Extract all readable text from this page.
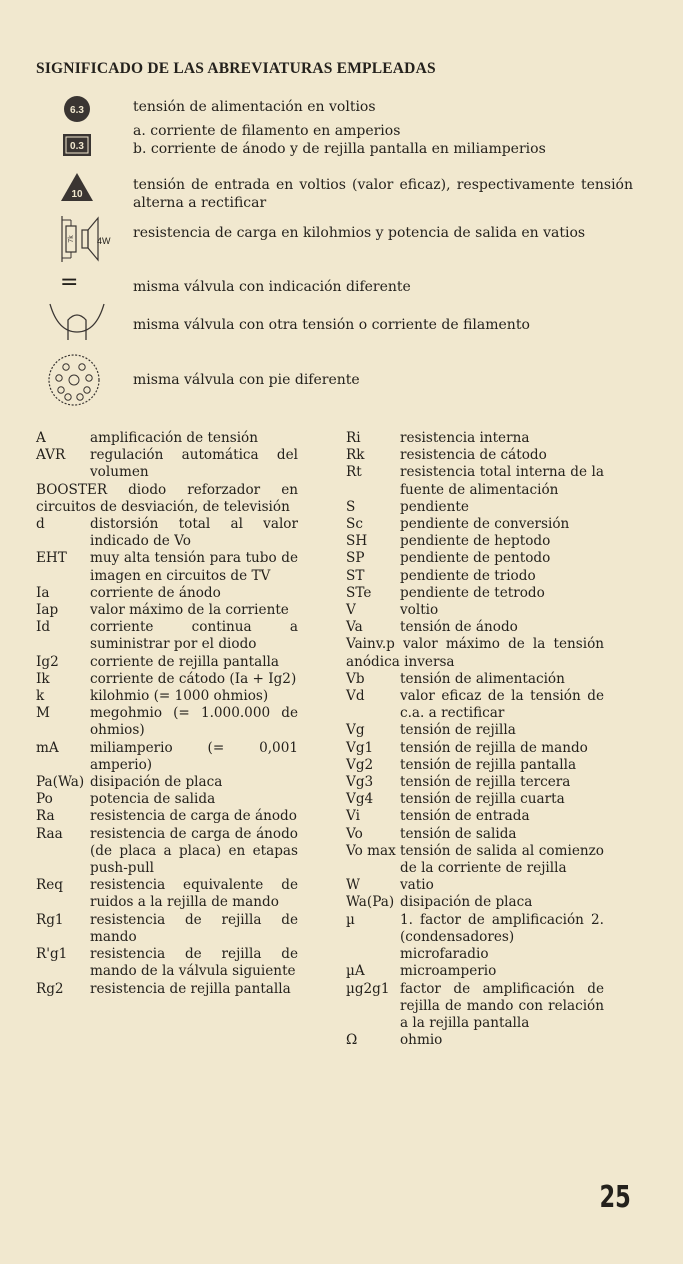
SIGNIFICADO DE LAS ABREVIATURAS EMPLEADAS
6.3	tensión de alimentación en voltios
0.3
a. corriente de filamento en amperios
b. corriente de ánodo y de rejilla pantalla en miliamperios
10
tensión de entrada en voltios (valor eficaz), respectivamente tensión alterna a rectificar
7k 4W resistencia de carga en kilohmios y potencia de salida en vatios
=	misma válvula con indicación diferente
misma válvula con otra tensión o corriente de filamento
misma válvula con pie diferente
A	amplificación de tensión
AVR	regulación automática del volumen
BOOSTER diodo reforzador en circuitos de desviación, de televisión
d	distorsión total al valor indicado de Vo
EHT	muy alta tensión para tubo de imagen en circuitos de TV
Ia	corriente de ánodo
Iap	valor máximo de la corriente
Id	corriente continua a suministrar por el diodo
Ig2	corriente de rejilla pantalla
Ik	corriente de cátodo (Ia + Ig2)
k	kilohmio (= 1000 ohmios)
M	megohmio (= 1.000.000 de ohmios)
mA	miliamperio (= 0,001 amperio)
Pa(Wa) disipación de placa
Po	potencia de salida
Ra	resistencia de carga de ánodo
Raa	resistencia de carga de ánodo (de placa a placa) en etapas push-pull
Req	resistencia equivalente de ruidos a la rejilla de mando
Rg1	resistencia de rejilla de mando
R'g1	resistencia de rejilla de mando de la válvula siguiente
Rg2	resistencia de rejilla pantalla
Ri	resistencia interna
Rk	resistencia de cátodo
Rt	resistencia total interna de la fuente de alimentación
S	pendiente
Sc	pendiente de conversión
SH	pendiente de heptodo
SP	pendiente de pentodo
ST	pendiente de triodo
STe	pendiente de tetrodo
V	voltio
Va	tensión de ánodo
Vainv.p valor máximo de la tensión anódica inversa
Vb	tensión de alimentación
Vd	valor eficaz de la tensión de c.a. a rectificar
Vg	tensión de rejilla
Vg1	tensión de rejilla de mando
Vg2	tensión de rejilla pantalla
Vg3	tensión de rejilla tercera
Vg4	tensión de rejilla cuarta
Vi	tensión de entrada
Vo	tensión de salida
Vo max tensión de salida al comienzo de la corriente de rejilla
W	vatio
Wa(Pa) disipación de placa
µ	1. factor de amplificación 2. (condensadores) microfaradio
µA	microamperio
µg2g1 factor de amplificación de rejilla de mando con relación a la rejilla pantalla
Ω	ohmio
25
